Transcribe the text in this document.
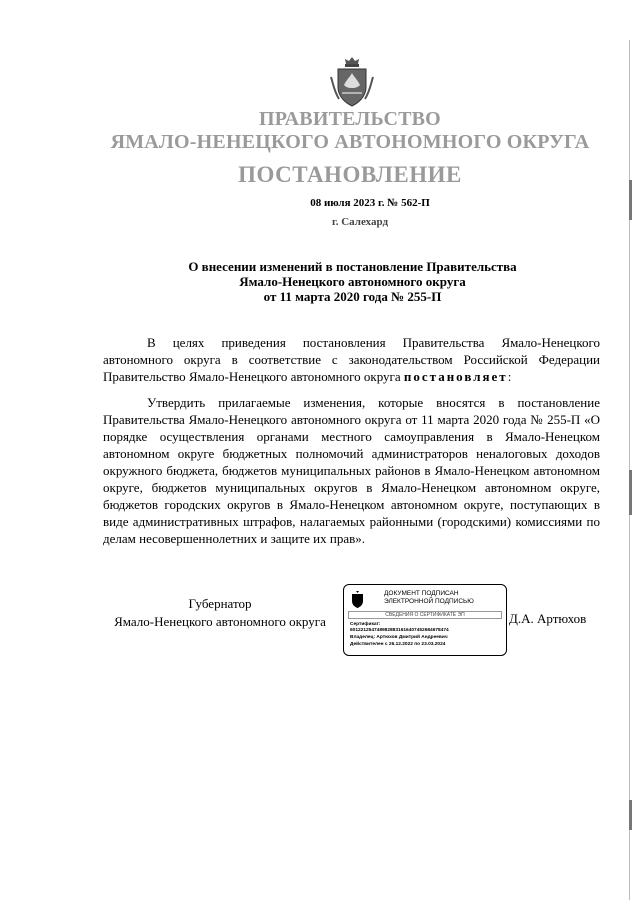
ПРАВИТЕЛЬСТВО
ЯМАЛО-НЕНЕЦКОГО АВТОНОМНОГО ОКРУГА
ПОСТАНОВЛЕНИЕ
08 июля 2023 г. № 562-П
г. Салехард
О внесении изменений в постановление Правительства
Ямало-Ненецкого автономного округа
от 11 марта 2020 года № 255-П
В целях приведения постановления Правительства Ямало-Ненецкого автономного округа в соответствие с законодательством Российской Федерации Правительство Ямало-Ненецкого автономного округа постановляет:
Утвердить прилагаемые изменения, которые вносятся в постановление Правительства Ямало-Ненецкого автономного округа от 11 марта 2020 года № 255-П «О порядке осуществления органами местного самоуправления в Ямало-Ненецком автономном округе бюджетных полномочий администраторов неналоговых доходов окружного бюджета, бюджетов муниципальных районов в Ямало-Ненецком автономном округе, бюджетов муниципальных округов в Ямало-Ненецком автономном округе, бюджетов городских округов в Ямало-Ненецком автономном округе, поступающих в виде административных штрафов, налагаемых районными (городскими) комиссиями по делам несовершеннолетних и защите их прав».
Губернатор
Ямало-Ненецкого автономного округа
ДОКУМЕНТ ПОДПИСАН
ЭЛЕКТРОННОЙ ПОДПИСЬЮ
СВЕДЕНИЯ О СЕРТИФИКАТЕ ЭП
Сертификат:
6012212547489828831616407452684678474
Владелец: Артюхов Дмитрий Андреевич
Действителен с 26.12.2022 по 23.03.2024
Д.А. Артюхов
